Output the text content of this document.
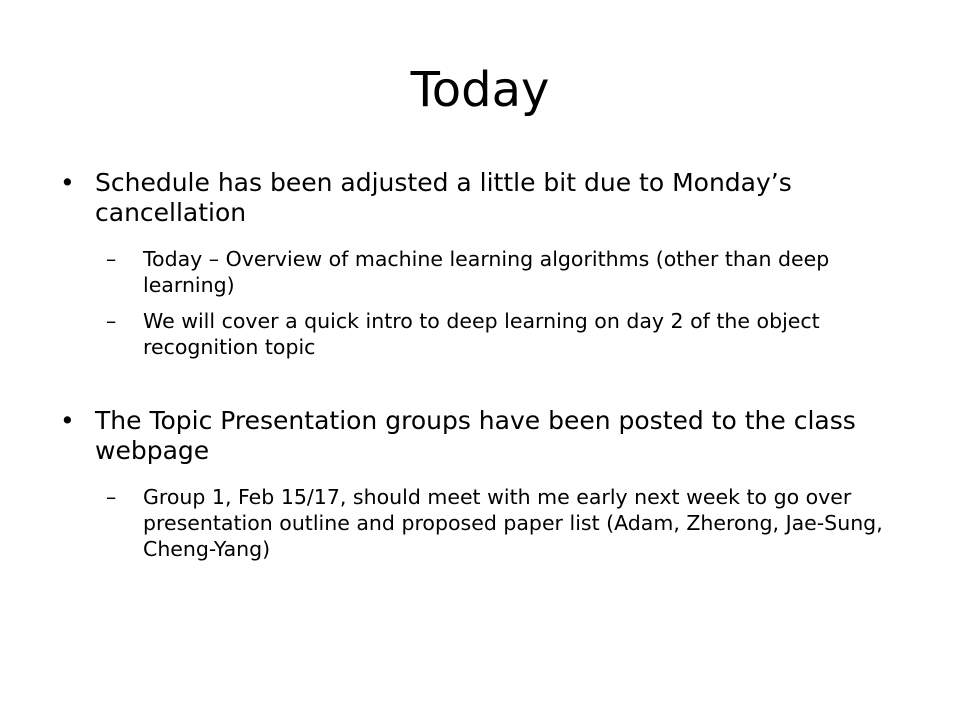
Today

• Schedule has been adjusted a little bit due to Monday’s cancellation

– Today – Overview of machine learning algorithms (other than deep learning)

– We will cover a quick intro to deep learning on day 2 of the object recognition topic

• The Topic Presentation groups have been posted to the class webpage

– Group 1, Feb 15/17, should meet with me early next week to go over presentation outline and proposed paper list (Adam, Zherong, Jae-Sung, Cheng-Yang)
